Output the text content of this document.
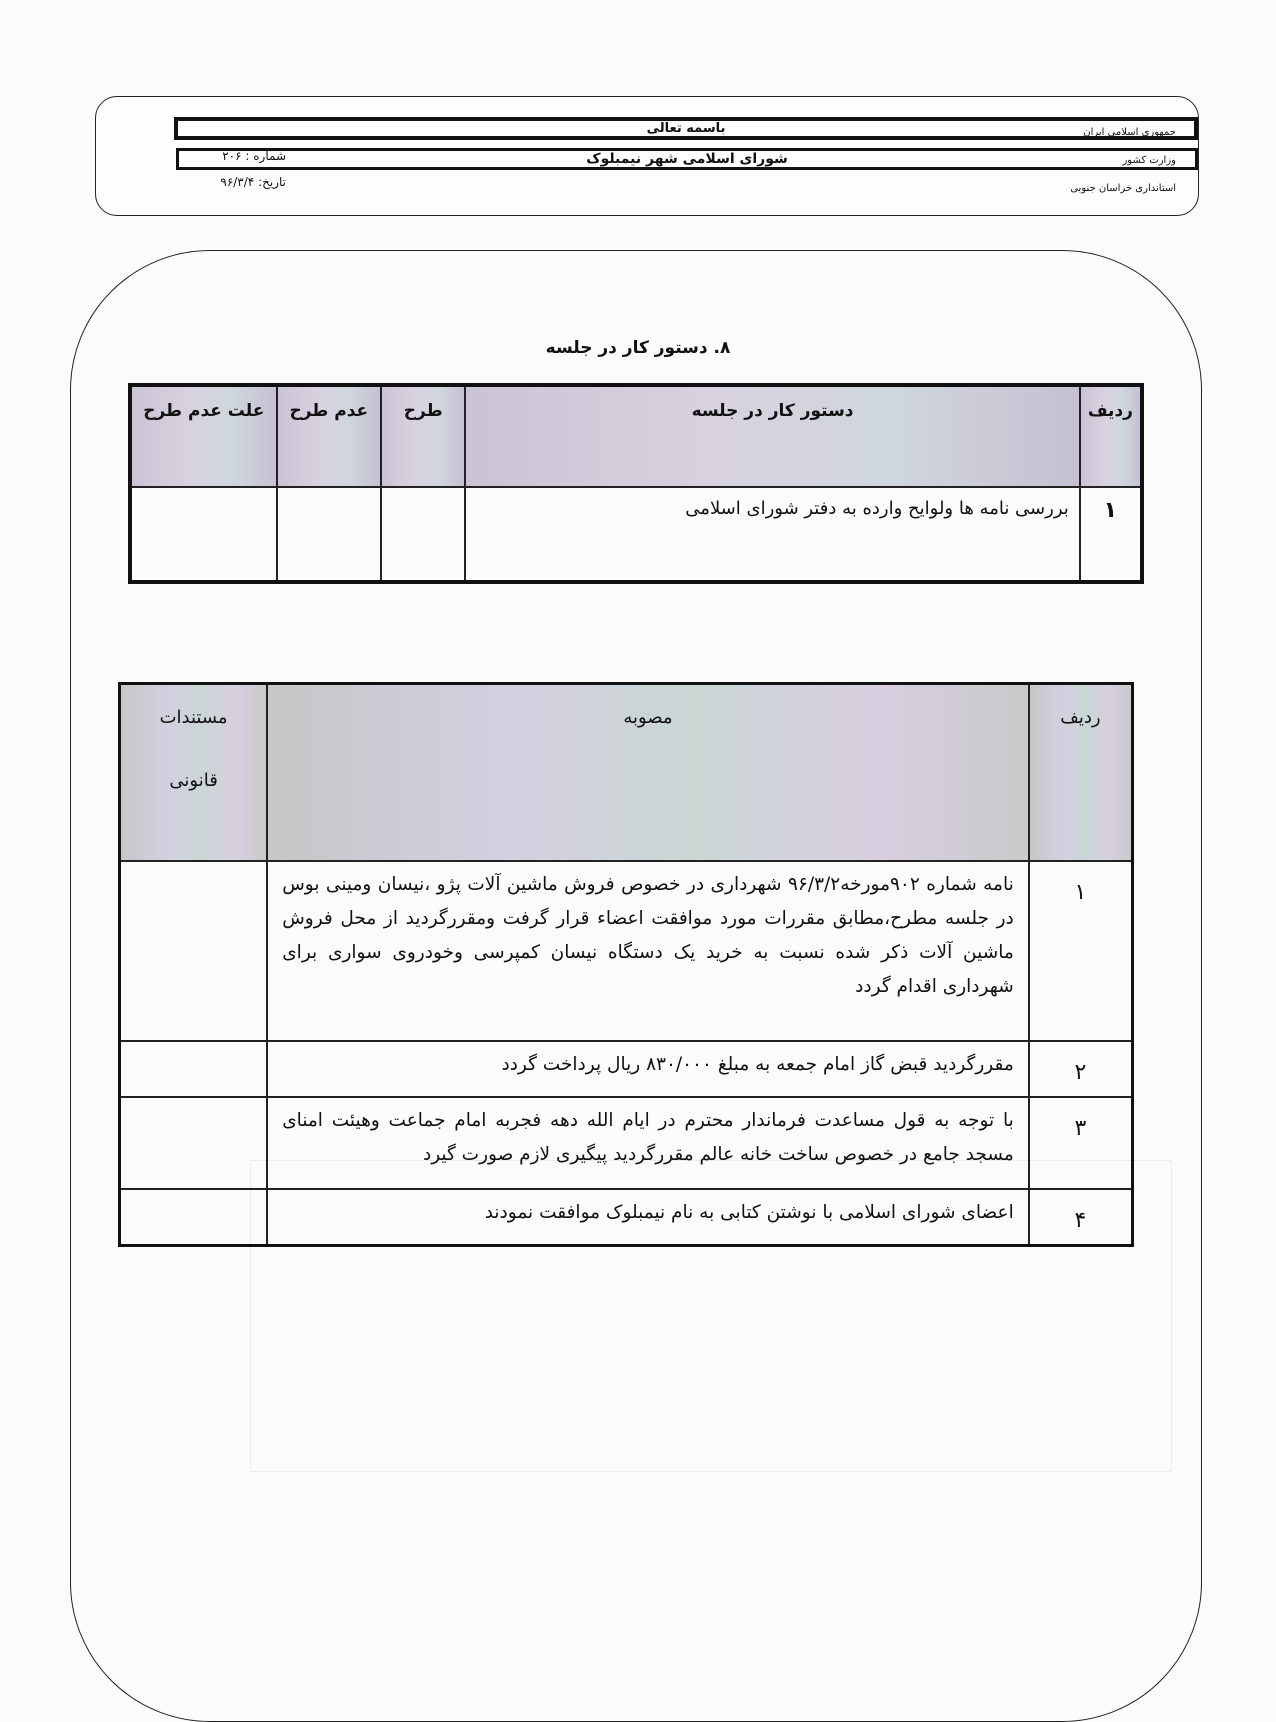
جمهوری اسلامی ایران
وزارت کشور
استانداری خراسان جنوبی
باسمه تعالی
شورای اسلامی شهر نیمبلوک
شماره : ۲۰۶
تاریخ: ۹۶/۳/۴
۸. دستور کار در جلسه
ردیف	دستور کار در جلسه	طرح	عدم طرح	علت عدم طرح
۱	بررسی نامه ها ولوایح وارده به دفتر شورای اسلامی			
ردیف	مصوبه	مستندات
قانونی

۱	نامه شماره ۹۰۲مورخه۹۶/۳/۲ شهرداری در خصوص فروش ماشین آلات پژو ،نیسان ومینی بوس در جلسه مطرح،مطابق مقررات مورد موافقت اعضاء قرار گرفت ومقررگردید از محل فروش ماشین آلات ذکر شده نسبت به خرید یک دستگاه نیسان کمپرسی وخودروی سواری برای شهرداری اقدام گردد	
۲	مقررگردید قبض گاز امام جمعه به مبلغ ۸۳۰/۰۰۰ ریال پرداخت گردد	
۳	با توجه به قول مساعدت فرماندار محترم در ایام الله دهه فجربه امام جماعت وهیئت امنای مسجد جامع در خصوص ساخت خانه عالم مقررگردید پیگیری لازم صورت گیرد	
۴	اعضای شورای اسلامی با نوشتن کتابی به نام نیمبلوک موافقت نمودند	
